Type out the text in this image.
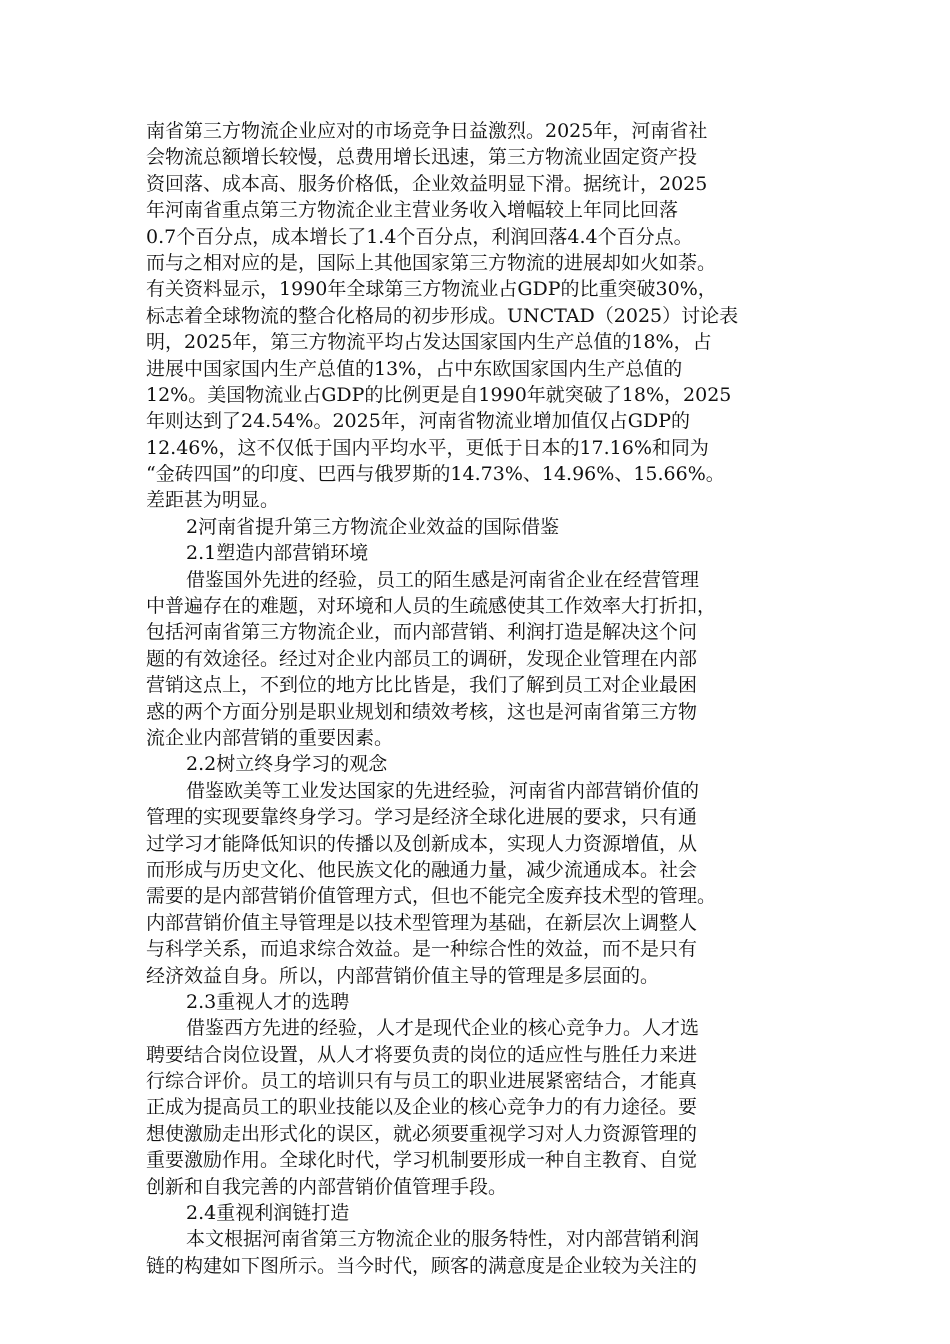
南省第三方物流企业应对的市场竞争日益激烈。2025年，河南省社
会物流总额增长较慢，总费用增长迅速，第三方物流业固定资产投
资回落、成本高、服务价格低，企业效益明显下滑。据统计，2025
年河南省重点第三方物流企业主营业务收入增幅较上年同比回落
0.7个百分点，成本增长了1.4个百分点，利润回落4.4个百分点。
而与之相对应的是，国际上其他国家第三方物流的进展却如火如荼。
有关资料显示，1990年全球第三方物流业占GDP的比重突破30%，
标志着全球物流的整合化格局的初步形成。UNCTAD（2025）讨论表
明，2025年，第三方物流平均占发达国家国内生产总值的18%，占
进展中国家国内生产总值的13%，占中东欧国家国内生产总值的
12%。美国物流业占GDP的比例更是自1990年就突破了18%，2025
年则达到了24.54%。2025年，河南省物流业增加值仅占GDP的
12.46%，这不仅低于国内平均水平，更低于日本的17.16%和同为
“金砖四国”的印度、巴西与俄罗斯的14.73%、14.96%、15.66%。
差距甚为明显。
2河南省提升第三方物流企业效益的国际借鉴
2.1塑造内部营销环境
借鉴国外先进的经验，员工的陌生感是河南省企业在经营管理
中普遍存在的难题，对环境和人员的生疏感使其工作效率大打折扣，
包括河南省第三方物流企业，而内部营销、利润打造是解决这个问
题的有效途径。经过对企业内部员工的调研，发现企业管理在内部
营销这点上，不到位的地方比比皆是，我们了解到员工对企业最困
惑的两个方面分别是职业规划和绩效考核，这也是河南省第三方物
流企业内部营销的重要因素。
2.2树立终身学习的观念
借鉴欧美等工业发达国家的先进经验，河南省内部营销价值的
管理的实现要靠终身学习。学习是经济全球化进展的要求，只有通
过学习才能降低知识的传播以及创新成本，实现人力资源增值，从
而形成与历史文化、他民族文化的融通力量，减少流通成本。社会
需要的是内部营销价值管理方式，但也不能完全废弃技术型的管理。
内部营销价值主导管理是以技术型管理为基础，在新层次上调整人
与科学关系，而追求综合效益。是一种综合性的效益，而不是只有
经济效益自身。所以，内部营销价值主导的管理是多层面的。
2.3重视人才的选聘
借鉴西方先进的经验，人才是现代企业的核心竞争力。人才选
聘要结合岗位设置，从人才将要负责的岗位的适应性与胜任力来进
行综合评价。员工的培训只有与员工的职业进展紧密结合，才能真
正成为提高员工的职业技能以及企业的核心竞争力的有力途径。要
想使激励走出形式化的误区，就必须要重视学习对人力资源管理的
重要激励作用。全球化时代，学习机制要形成一种自主教育、自觉
创新和自我完善的内部营销价值管理手段。
2.4重视利润链打造
本文根据河南省第三方物流企业的服务特性，对内部营销利润
链的构建如下图所示。当今时代，顾客的满意度是企业较为关注的
